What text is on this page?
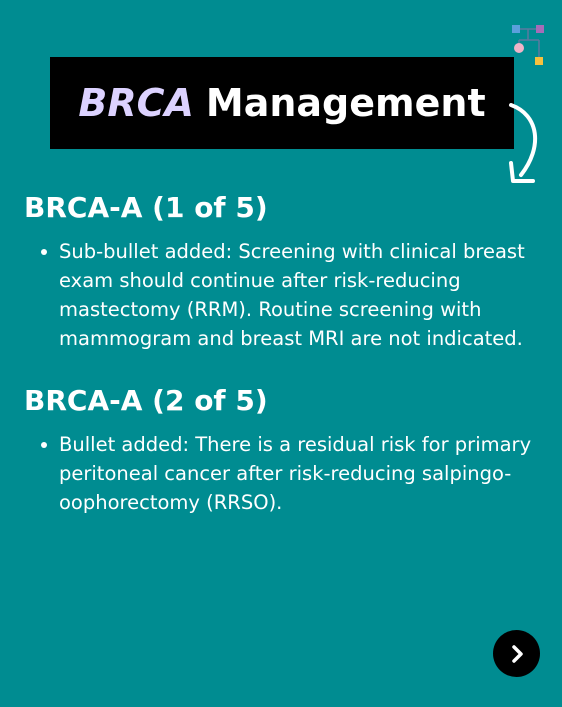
BRCA Management
BRCA-A (1 of 5)
Sub-bullet added: Screening with clinical breast exam should continue after risk-reducing mastectomy (RRM). Routine screening with mammogram and breast MRI are not indicated.
BRCA-A (2 of 5)
Bullet added: There is a residual risk for primary peritoneal cancer after risk-reducing salpingo-oophorectomy (RRSO).
